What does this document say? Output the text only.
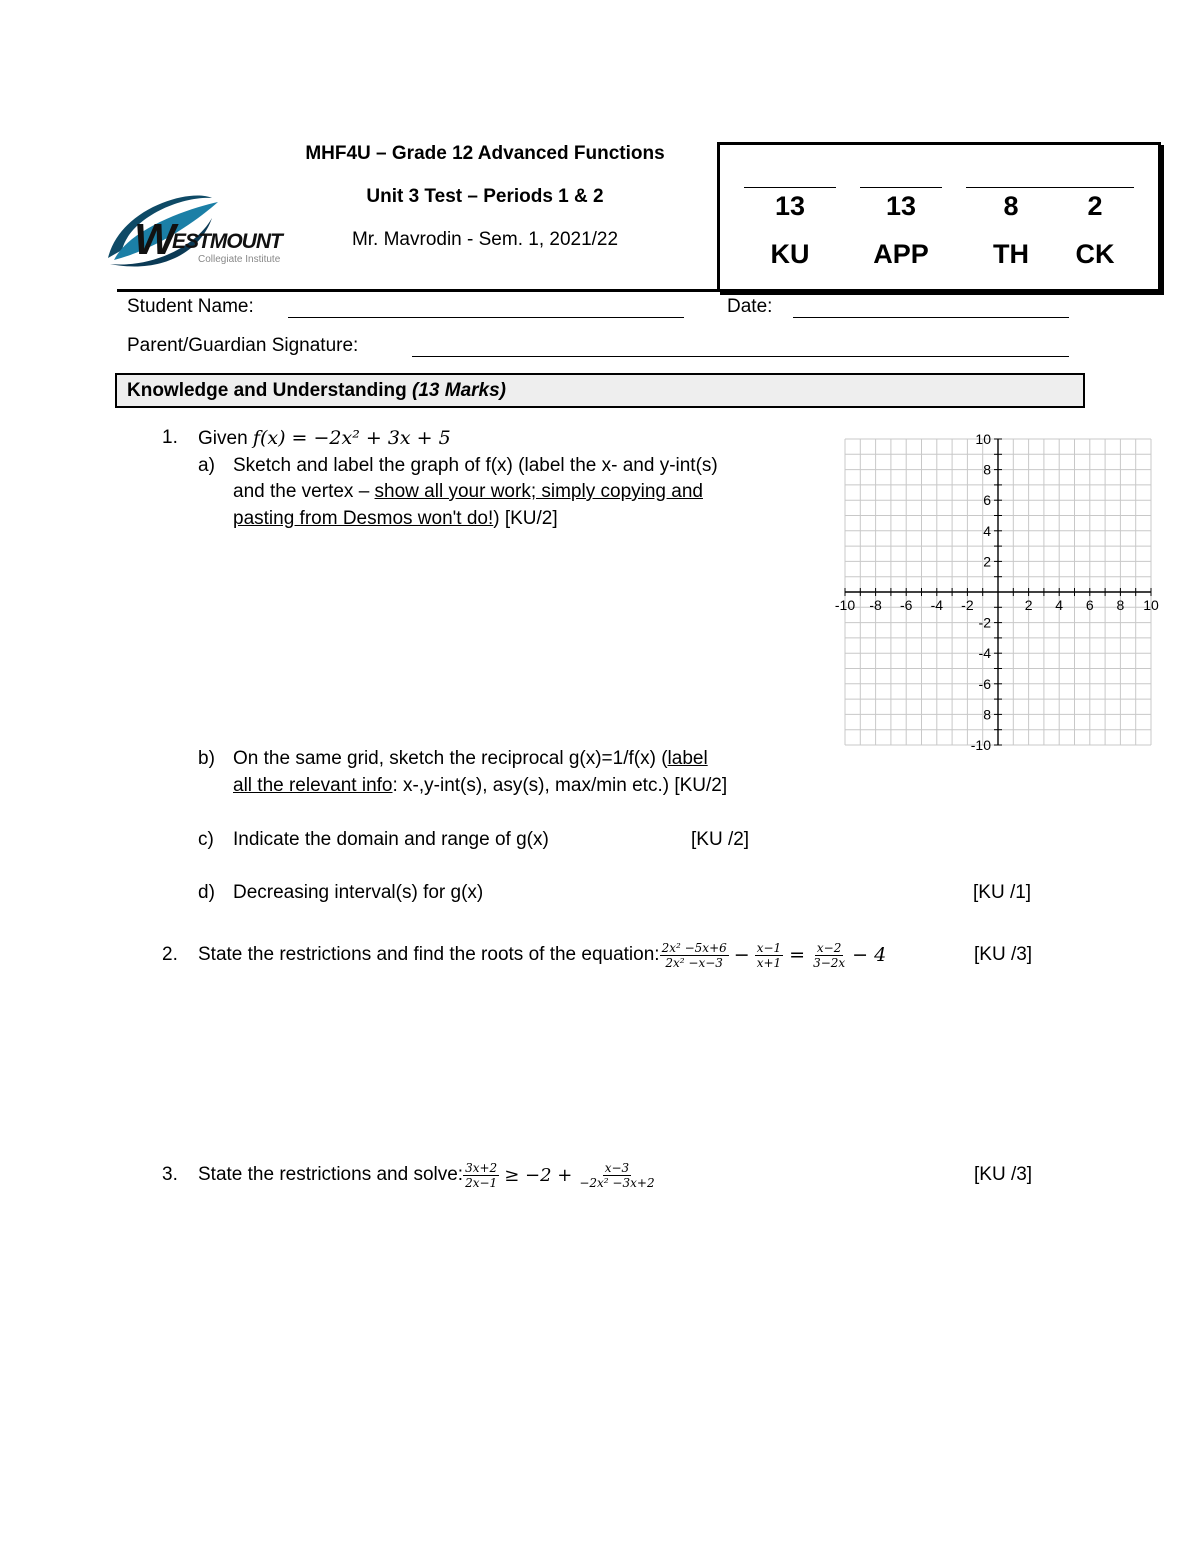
W
ESTMOUNT
Collegiate Institute
MHF4U – Grade 12 Advanced Functions
Unit 3 Test – Periods 1 & 2
Mr. Mavrodin - Sem. 1, 2021/22
13	13	8	2
KU	APP	TH	CK
Student Name:	Date:
Parent/Guardian Signature:
Knowledge and Understanding (13 Marks)
1. Given f(x) = −2x² + 3x + 5
a) Sketch and label the graph of f(x) (label the x- and y-int(s)
and the vertex – show all your work; simply copying and
pasting from Desmos won't do!) [KU/2]
-10 -8 -6 -4 -2	2 4 6 8 10
10
8
6
4
2
-2
-4
-6
8
-10
b) On the same grid, sketch the reciprocal g(x)=1/f(x) (label
all the relevant info: x-,y-int(s), asy(s), max/min etc.) [KU/2]
c) Indicate the domain and range of g(x)	[KU /2]
d) Decreasing interval(s) for g(x)	[KU /1]
2. State the restrictions and find the roots of the equation: $\frac{\text{2x² −5x+6}}{\text{2x² −x−3}} - \frac{x-1}{x+1} = \frac{x-2}{3-2x} - 4$	[KU /3]
3. State the restrictions and solve: $\frac{3x+2}{2x-1} \ge -2 + \frac{x-3}{\text{−2x² −3x+2}}$	[KU /3]
